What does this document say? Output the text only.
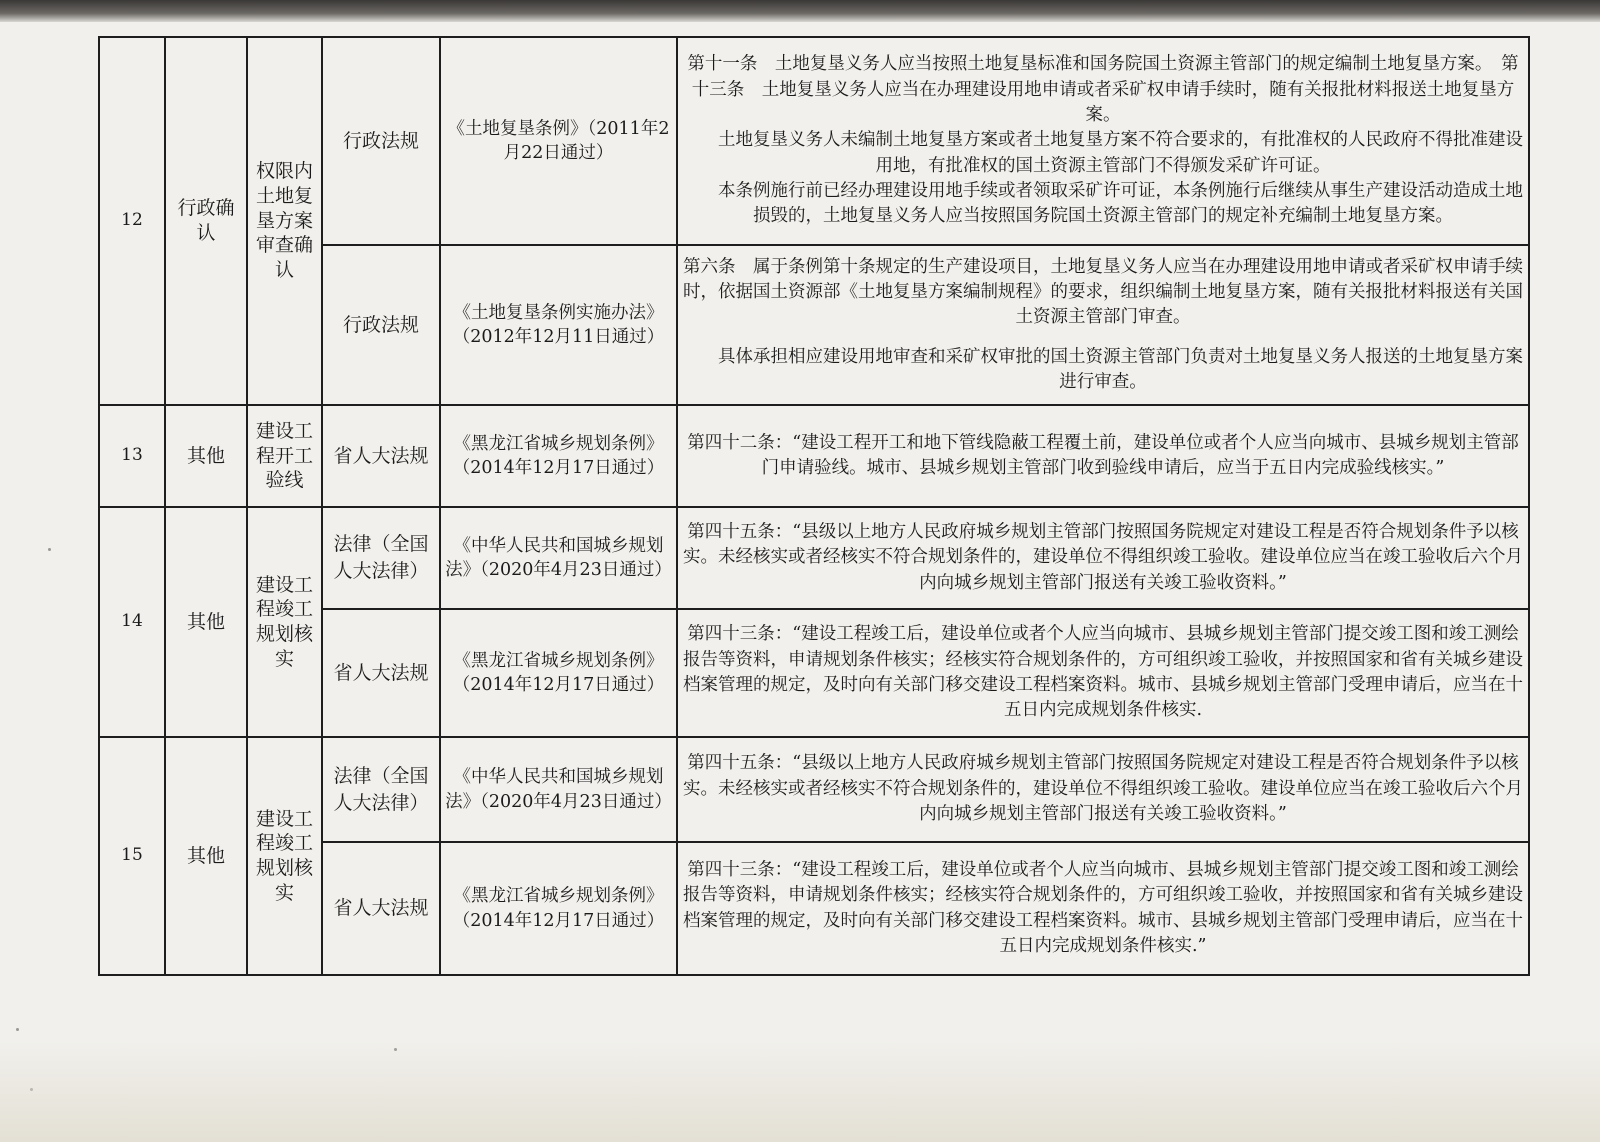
12	行政确认	权限内土地复垦方案审查确认	行政法规	《土地复垦条例》（2011年2月22日通过）	第十一条　土地复垦义务人应当按照土地复垦标准和国务院国土资源主管部门的规定编制土地复垦方案。　第十三条　土地复垦义务人应当在办理建设用地申请或者采矿权申请手续时，随有关报批材料报送土地复垦方案。
土地复垦义务人未编制土地复垦方案或者土地复垦方案不符合要求的，有批准权的人民政府不得批准建设用地，有批准权的国土资源主管部门不得颁发采矿许可证。
本条例施行前已经办理建设用地手续或者领取采矿许可证，本条例施行后继续从事生产建设活动造成土地损毁的，土地复垦义务人应当按照国务院国土资源主管部门的规定补充编制土地复垦方案。

			行政法规	《土地复垦条例实施办法》（2012年12月11日通过）	第六条　属于条例第十条规定的生产建设项目，土地复垦义务人应当在办理建设用地申请或者采矿权申请手续时，依据国土资源部《土地复垦方案编制规程》的要求，组织编制土地复垦方案，随有关报批材料报送有关国土资源主管部门审查。
具体承担相应建设用地审查和采矿权审批的国土资源主管部门负责对土地复垦义务人报送的土地复垦方案进行审查。

13	其他	建设工程开工验线	省人大法规	《黑龙江省城乡规划条例》（2014年12月17日通过）	第四十二条：“建设工程开工和地下管线隐蔽工程覆土前，建设单位或者个人应当向城市、县城乡规划主管部门申请验线。城市、县城乡规划主管部门收到验线申请后，应当于五日内完成验线核实。”

14	其他	建设工程竣工规划核实	法律（全国人大法律）	《中华人民共和国城乡规划法》（2020年4月23日通过）	第四十五条：“县级以上地方人民政府城乡规划主管部门按照国务院规定对建设工程是否符合规划条件予以核实。未经核实或者经核实不符合规划条件的，建设单位不得组织竣工验收。建设单位应当在竣工验收后六个月内向城乡规划主管部门报送有关竣工验收资料。”

			省人大法规	《黑龙江省城乡规划条例》（2014年12月17日通过）	第四十三条：“建设工程竣工后，建设单位或者个人应当向城市、县城乡规划主管部门提交竣工图和竣工测绘报告等资料，申请规划条件核实；经核实符合规划条件的，方可组织竣工验收，并按照国家和省有关城乡建设档案管理的规定，及时向有关部门移交建设工程档案资料。城市、县城乡规划主管部门受理申请后，应当在十五日内完成规划条件核实.

15	其他	建设工程竣工规划核实	法律（全国人大法律）	《中华人民共和国城乡规划法》（2020年4月23日通过）	第四十五条：“县级以上地方人民政府城乡规划主管部门按照国务院规定对建设工程是否符合规划条件予以核实。未经核实或者经核实不符合规划条件的，建设单位不得组织竣工验收。建设单位应当在竣工验收后六个月内向城乡规划主管部门报送有关竣工验收资料。”

			省人大法规	《黑龙江省城乡规划条例》（2014年12月17日通过）	第四十三条：“建设工程竣工后，建设单位或者个人应当向城市、县城乡规划主管部门提交竣工图和竣工测绘报告等资料，申请规划条件核实；经核实符合规划条件的，方可组织竣工验收，并按照国家和省有关城乡建设档案管理的规定，及时向有关部门移交建设工程档案资料。城市、县城乡规划主管部门受理申请后，应当在十五日内完成规划条件核实.”
